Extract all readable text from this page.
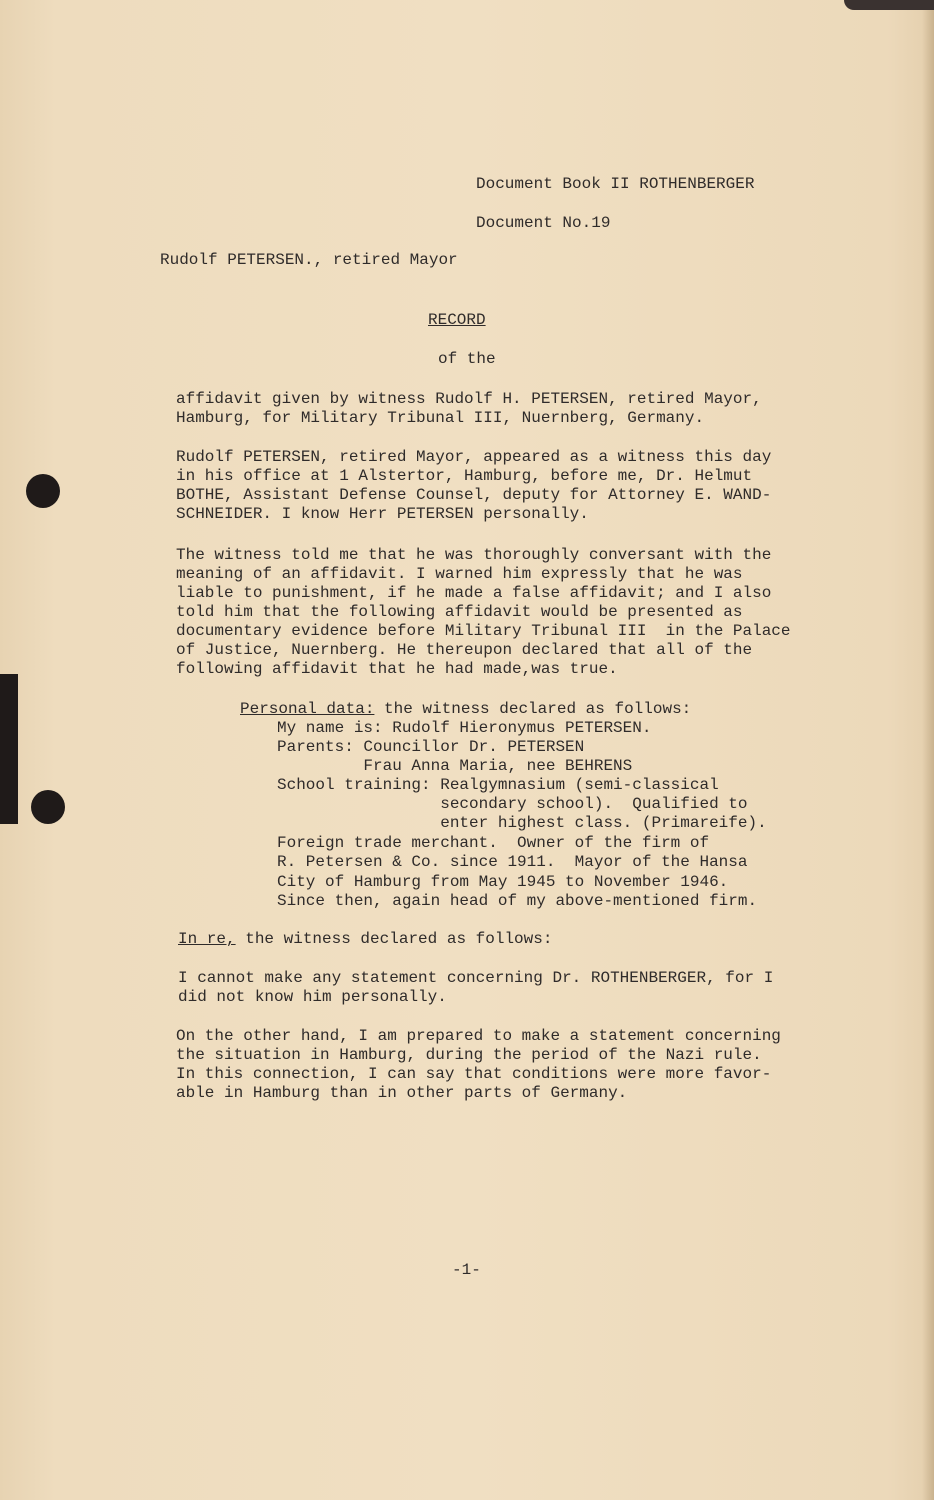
Document Book II ROTHENBERGER
Document No.19
Rudolf PETERSEN., retired Mayor
RECORD
of the
affidavit given by witness Rudolf H. PETERSEN, retired Mayor,
Hamburg, for Military Tribunal III, Nuernberg, Germany.
Rudolf PETERSEN, retired Mayor, appeared as a witness this day
in his office at 1 Alstertor, Hamburg, before me, Dr. Helmut
BOTHE, Assistant Defense Counsel, deputy for Attorney E. WAND-
SCHNEIDER. I know Herr PETERSEN personally.
The witness told me that he was thoroughly conversant with the
meaning of an affidavit. I warned him expressly that he was
liable to punishment, if he made a false affidavit; and I also
told him that the following affidavit would be presented as
documentary evidence before Military Tribunal III  in the Palace
of Justice, Nuernberg. He thereupon declared that all of the
following affidavit that he had made,was true.
Personal data: the witness declared as follows:
My name is: Rudolf Hieronymus PETERSEN.
Parents: Councillor Dr. PETERSEN
Frau Anna Maria, nee BEHRENS
School training: Realgymnasium (semi-classical
secondary school).  Qualified to
enter highest class. (Primareife).
Foreign trade merchant.  Owner of the firm of
R. Petersen & Co. since 1911.  Mayor of the Hansa
City of Hamburg from May 1945 to November 1946.
Since then, again head of my above-mentioned firm.
In re, the witness declared as follows:
I cannot make any statement concerning Dr. ROTHENBERGER, for I
did not know him personally.
On the other hand, I am prepared to make a statement concerning
the situation in Hamburg, during the period of the Nazi rule.
In this connection, I can say that conditions were more favor-
able in Hamburg than in other parts of Germany.
-1-
